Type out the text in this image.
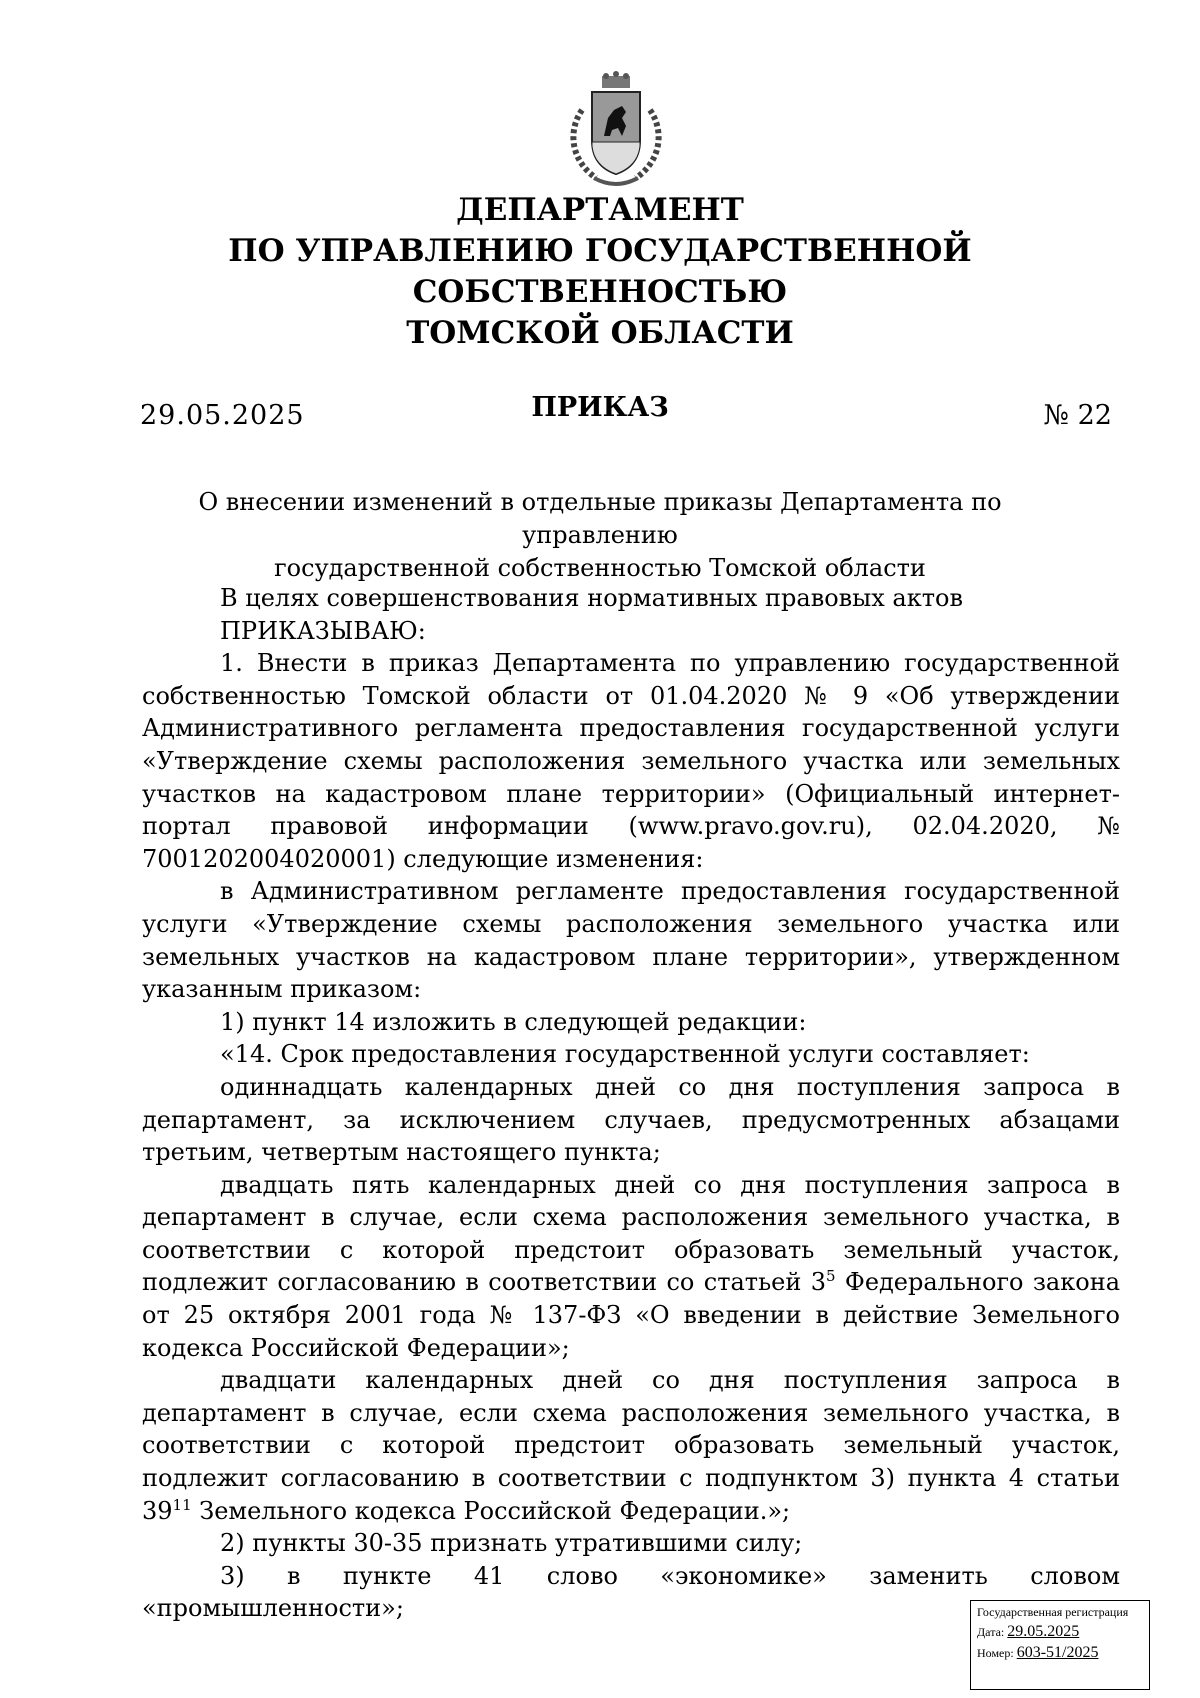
ДЕПАРТАМЕНТ
ПО УПРАВЛЕНИЮ ГОСУДАРСТВЕННОЙ СОБСТВЕННОСТЬЮ
ТОМСКОЙ ОБЛАСТИ
ПРИКАЗ
29.05.2025	№ 22
О внесении изменений в отдельные приказы Департамента по управлению
государственной собственностью Томской области

В целях совершенствования нормативных правовых актов

ПРИКАЗЫВАЮ:

1. Внести в приказ Департамента по управлению государственной собственностью Томской области от 01.04.2020 № 9 «Об утверждении Административного регламента предоставления государственной услуги «Утверждение схемы расположения земельного участка или земельных участков на кадастровом плане территории» (Официальный интернет-портал правовой информации (www.pravo.gov.ru), 02.04.2020, № 7001202004020001) следующие изменения:

в Административном регламенте предоставления государственной услуги «Утверждение схемы расположения земельного участка или земельных участков на кадастровом плане территории», утвержденном указанным приказом:

1) пункт 14 изложить в следующей редакции:

«14. Срок предоставления государственной услуги составляет:

одиннадцать календарных дней со дня поступления запроса в департамент, за исключением случаев, предусмотренных абзацами третьим, четвертым настоящего пункта;

двадцать пять календарных дней со дня поступления запроса в департамент в случае, если схема расположения земельного участка, в соответствии с которой предстоит образовать земельный участок, подлежит согласованию в соответствии со статьей $3^5$ Федерального закона от 25 октября 2001 года № 137-ФЗ «О введении в действие Земельного кодекса Российской Федерации»;

двадцати календарных дней со дня поступления запроса в департамент в случае, если схема расположения земельного участка, в соответствии с которой предстоит образовать земельный участок, подлежит согласованию в соответствии с подпунктом 3) пункта 4 статьи $39^{11}$ Земельного кодекса Российской Федерации.»;

2) пункты 30-35 признать утратившими силу;

3) в пункте 41 слово «экономике» заменить словом «промышленности»;	Государственная регистрация
Дата: 29.05.2025
Номер: 603-51/2025
